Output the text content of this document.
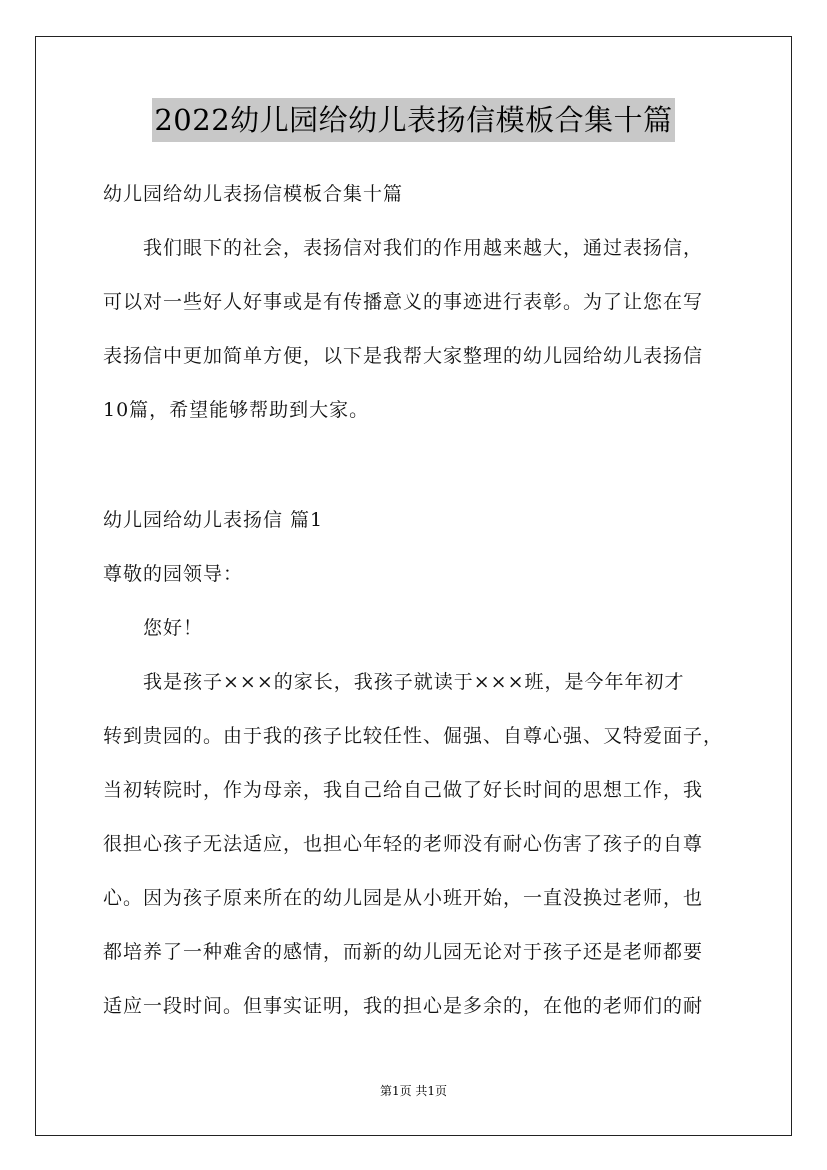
2022幼儿园给幼儿表扬信模板合集十篇
幼儿园给幼儿表扬信模板合集十篇
我们眼下的社会，表扬信对我们的作用越来越大，通过表扬信，
可以对一些好人好事或是有传播意义的事迹进行表彰。为了让您在写
表扬信中更加简单方便，以下是我帮大家整理的幼儿园给幼儿表扬信
10篇，希望能够帮助到大家。
幼儿园给幼儿表扬信 篇1
尊敬的园领导：
您好！
我是孩子×××的家长，我孩子就读于×××班，是今年年初才
转到贵园的。由于我的孩子比较任性、倔强、自尊心强、又特爱面子，
当初转院时，作为母亲，我自己给自己做了好长时间的思想工作，我
很担心孩子无法适应，也担心年轻的老师没有耐心伤害了孩子的自尊
心。因为孩子原来所在的幼儿园是从小班开始，一直没换过老师，也
都培养了一种难舍的感情，而新的幼儿园无论对于孩子还是老师都要
适应一段时间。但事实证明，我的担心是多余的，在他的老师们的耐
第1页 共1页
